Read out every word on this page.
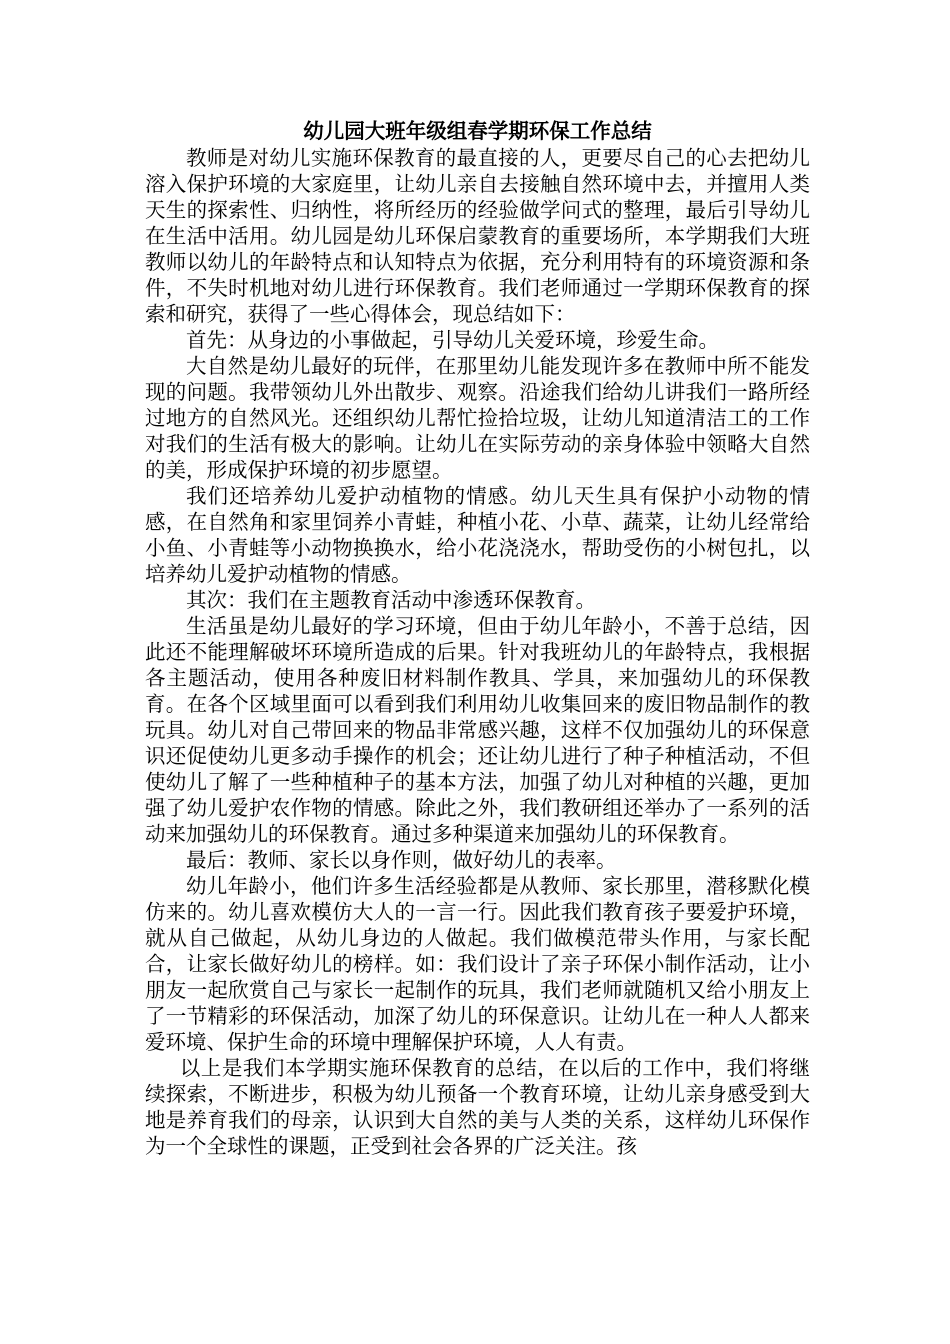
幼儿园大班年级组春学期环保工作总结

教师是对幼儿实施环保教育的最直接的人，更要尽自己的心去把幼儿溶入保护环境的大家庭里，让幼儿亲自去接触自然环境中去，并擅用人类天生的探索性、归纳性，将所经历的经验做学问式的整理，最后引导幼儿在生活中活用。幼儿园是幼儿环保启蒙教育的重要场所，本学期我们大班教师以幼儿的年龄特点和认知特点为依据，充分利用特有的环境资源和条件，不失时机地对幼儿进行环保教育。我们老师通过一学期环保教育的探索和研究，获得了一些心得体会，现总结如下：

首先：从身边的小事做起，引导幼儿关爱环境，珍爱生命。

大自然是幼儿最好的玩伴，在那里幼儿能发现许多在教师中所不能发现的问题。我带领幼儿外出散步、观察。沿途我们给幼儿讲我们一路所经过地方的自然风光。还组织幼儿帮忙捡拾垃圾，让幼儿知道清洁工的工作对我们的生活有极大的影响。让幼儿在实际劳动的亲身体验中领略大自然的美，形成保护环境的初步愿望。

我们还培养幼儿爱护动植物的情感。幼儿天生具有保护小动物的情感，在自然角和家里饲养小青蛙，种植小花、小草、蔬菜，让幼儿经常给小鱼、小青蛙等小动物换换水，给小花浇浇水，帮助受伤的小树包扎，以培养幼儿爱护动植物的情感。

其次：我们在主题教育活动中渗透环保教育。

生活虽是幼儿最好的学习环境，但由于幼儿年龄小，不善于总结，因此还不能理解破坏环境所造成的后果。针对我班幼儿的年龄特点，我根据各主题活动，使用各种废旧材料制作教具、学具，来加强幼儿的环保教育。在各个区域里面可以看到我们利用幼儿收集回来的废旧物品制作的教玩具。幼儿对自己带回来的物品非常感兴趣，这样不仅加强幼儿的环保意识还促使幼儿更多动手操作的机会；还让幼儿进行了种子种植活动，不但使幼儿了解了一些种植种子的基本方法，加强了幼儿对种植的兴趣，更加强了幼儿爱护农作物的情感。除此之外，我们教研组还举办了一系列的活动来加强幼儿的环保教育。通过多种渠道来加强幼儿的环保教育。

最后：教师、家长以身作则，做好幼儿的表率。

幼儿年龄小，他们许多生活经验都是从教师、家长那里，潜移默化模仿来的。幼儿喜欢模仿大人的一言一行。因此我们教育孩子要爱护环境，就从自己做起，从幼儿身边的人做起。我们做模范带头作用，与家长配合，让家长做好幼儿的榜样。如：我们设计了亲子环保小制作活动，让小朋友一起欣赏自己与家长一起制作的玩具，我们老师就随机又给小朋友上了一节精彩的环保活动，加深了幼儿的环保意识。让幼儿在一种人人都来爱环境、保护生命的环境中理解保护环境，人人有责。

以上是我们本学期实施环保教育的总结，在以后的工作中，我们将继续探索，不断进步，积极为幼儿预备一个教育环境，让幼儿亲身感受到大地是养育我们的母亲，认识到大自然的美与人类的关系，这样幼儿环保作为一个全球性的课题，正受到社会各界的广泛关注。孩
